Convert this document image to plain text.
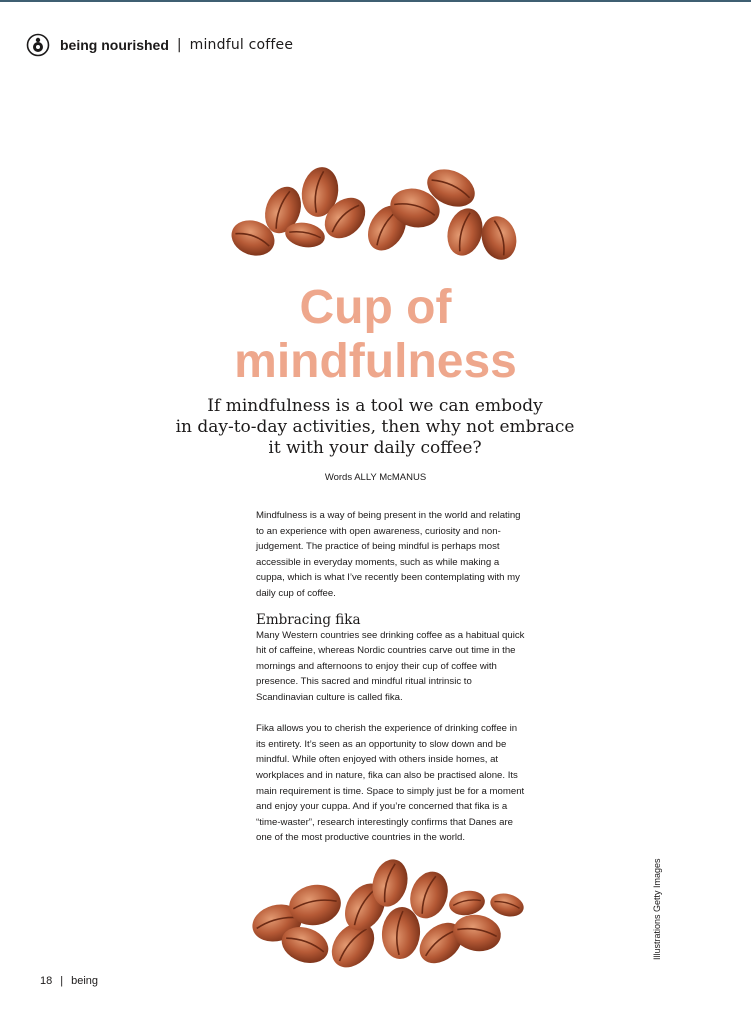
being nourished | mindful coffee
Cup of
mindfulness
If mindfulness is a tool we can embody
in day-to-day activities, then why not embrace
it with your daily coffee?
Words ALLY McMANUS

Mindfulness is a way of being present in the world and relating to an experience with open awareness, curiosity and non-judgement. The practice of being mindful is perhaps most accessible in everyday moments, such as while making a cuppa, which is what I’ve recently been contemplating with my daily cup of coffee.

Embracing fika

Many Western countries see drinking coffee as a habitual quick hit of caffeine, whereas Nordic countries carve out time in the mornings and afternoons to enjoy their cup of coffee with presence. This sacred and mindful ritual intrinsic to Scandinavian culture is called fika.

Fika allows you to cherish the experience of drinking coffee in its entirety. It’s seen as an opportunity to slow down and be mindful. While often enjoyed with others inside homes, at workplaces and in nature, fika can also be practised alone. Its main requirement is time. Space to simply just be for a moment and enjoy your cuppa. And if you’re concerned that fika is a “time-waster”, research interestingly confirms that Danes are one of the most productive countries in the world.

Illustrations Getty Images
18 | being
